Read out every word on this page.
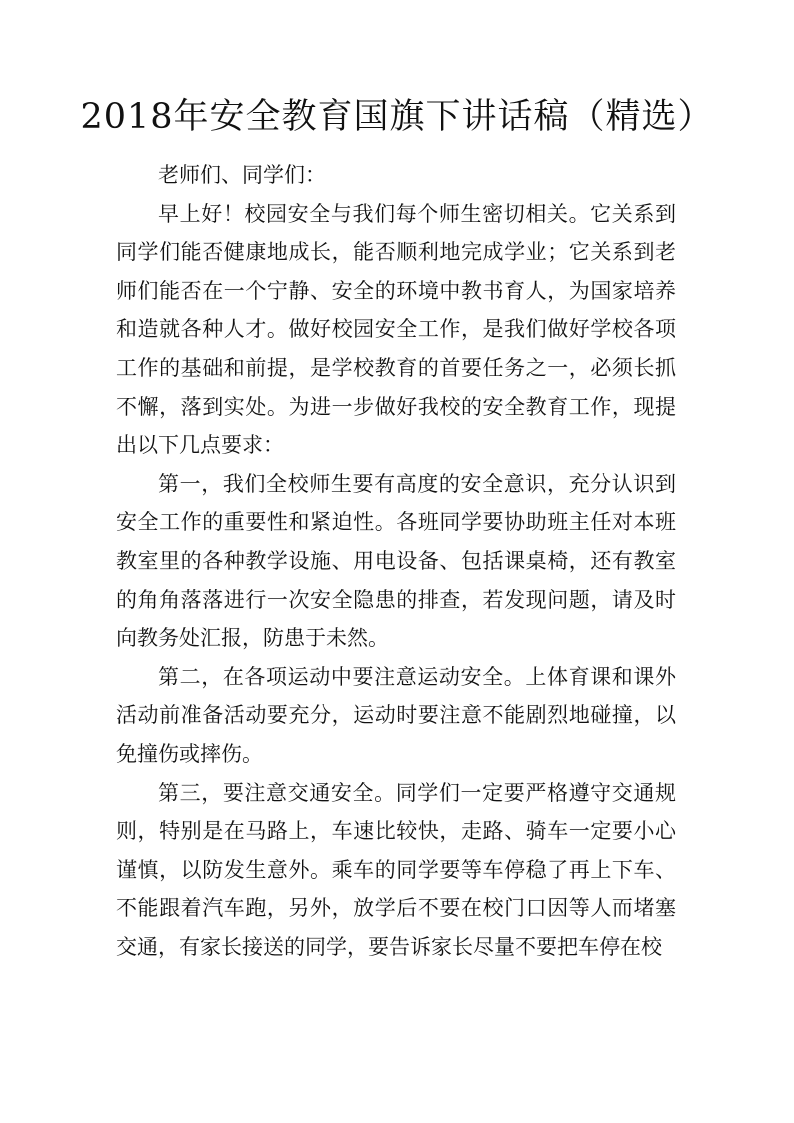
2018年安全教育国旗下讲话稿（精选）

老师们、同学们：

早上好！校园安全与我们每个师生密切相关。它关系到同学们能否健康地成长，能否顺利地完成学业；它关系到老师们能否在一个宁静、安全的环境中教书育人，为国家培养和造就各种人才。做好校园安全工作，是我们做好学校各项工作的基础和前提，是学校教育的首要任务之一，必须长抓不懈，落到实处。为进一步做好我校的安全教育工作，现提出以下几点要求：

第一，我们全校师生要有高度的安全意识，充分认识到安全工作的重要性和紧迫性。各班同学要协助班主任对本班教室里的各种教学设施、用电设备、包括课桌椅，还有教室的角角落落进行一次安全隐患的排查，若发现问题，请及时向教务处汇报，防患于未然。

第二，在各项运动中要注意运动安全。上体育课和课外活动前准备活动要充分，运动时要注意不能剧烈地碰撞，以免撞伤或摔伤。

第三，要注意交通安全。同学们一定要严格遵守交通规则，特别是在马路上，车速比较快，走路、骑车一定要小心谨慎，以防发生意外。乘车的同学要等车停稳了再上下车、不能跟着汽车跑，另外，放学后不要在校门口因等人而堵塞交通，有家长接送的同学，要告诉家长尽量不要把车停在校
